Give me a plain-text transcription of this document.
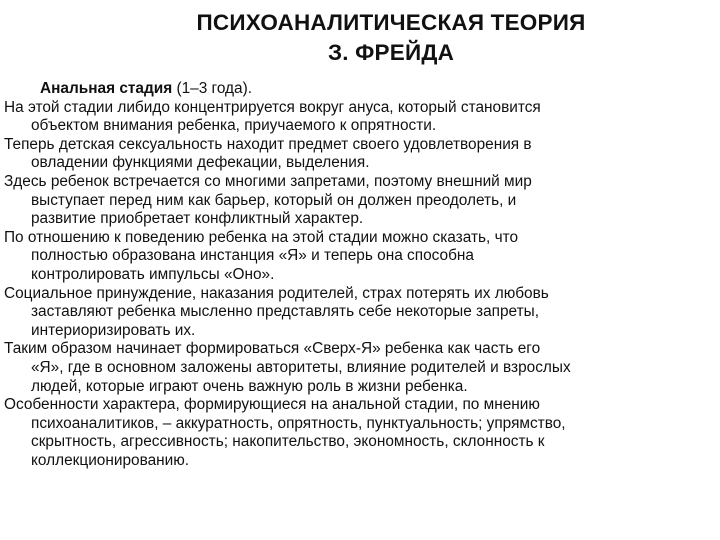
ПСИХОАНАЛИТИЧЕСКАЯ ТЕОРИЯ
З. ФРЕЙДА
Анальная стадия (1–3 года).
На этой стадии либидо концентрируется вокруг ануса, который становится
объектом внимания ребенка, приучаемого к опрятности.
Теперь детская сексуальность находит предмет своего удовлетворения в
овладении функциями дефекации, выделения.
Здесь ребенок встречается со многими запретами, поэтому внешний мир
выступает перед ним как барьер, который он должен преодолеть, и
развитие приобретает конфликтный характер.
По отношению к поведению ребенка на этой стадии можно сказать, что
полностью образована инстанция «Я» и теперь она способна
контролировать импульсы «Оно».
Социальное принуждение, наказания родителей, страх потерять их любовь
заставляют ребенка мысленно представлять себе некоторые запреты,
интериоризировать их.
Таким образом начинает формироваться «Сверх-Я» ребенка как часть его
«Я», где в основном заложены авторитеты, влияние родителей и взрослых
людей, которые играют очень важную роль в жизни ребенка.
Особенности характера, формирующиеся на анальной стадии, по мнению
психоаналитиков, – аккуратность, опрятность, пунктуальность; упрямство,
скрытность, агрессивность; накопительство, экономность, склонность к
коллекционированию.
